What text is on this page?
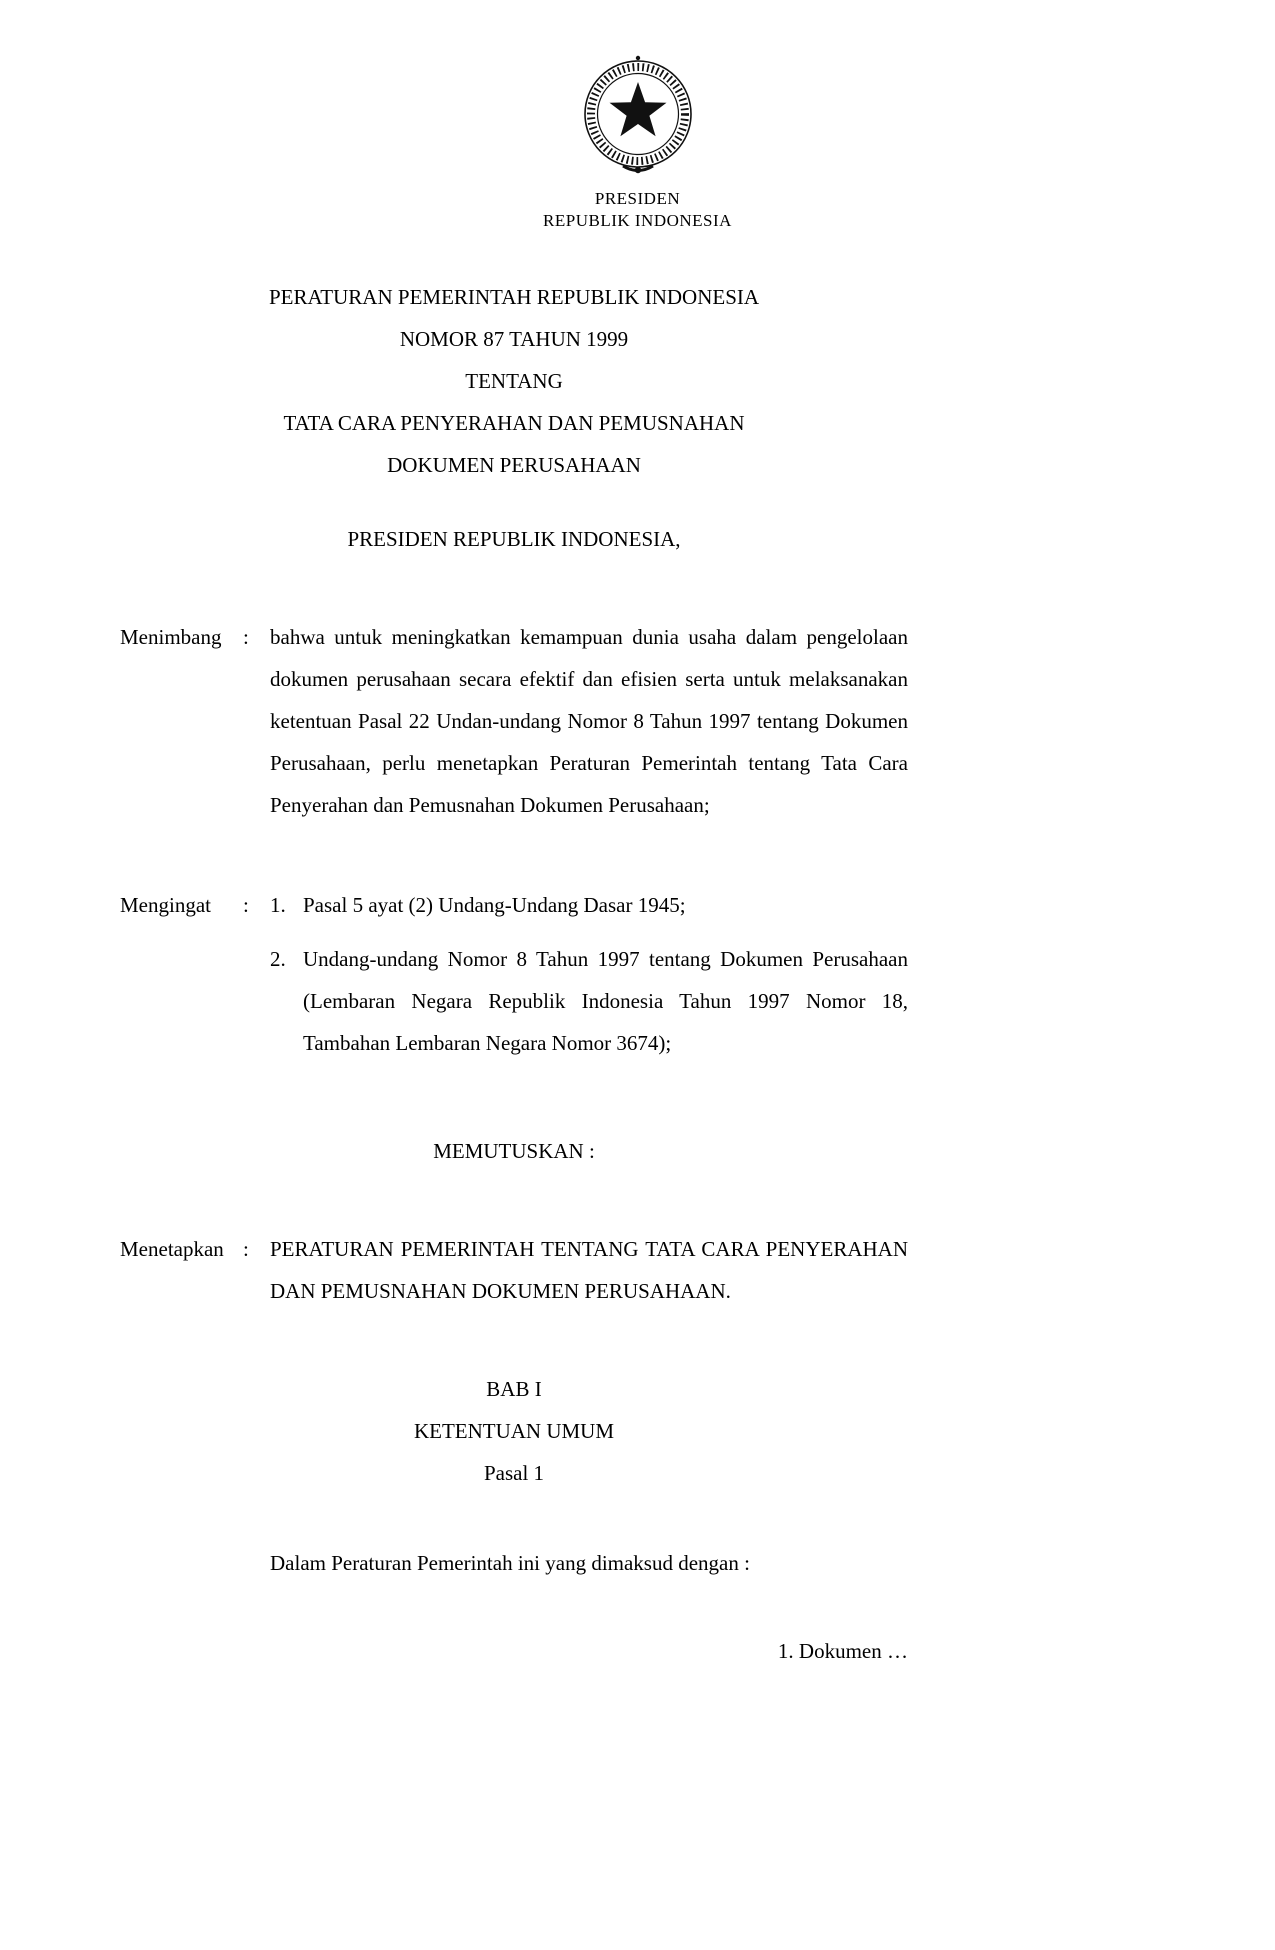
PRESIDEN
REPUBLIK INDONESIA
PERATURAN PEMERINTAH REPUBLIK INDONESIA
NOMOR 87 TAHUN 1999
TENTANG
TATA CARA PENYERAHAN DAN PEMUSNAHAN
DOKUMEN PERUSAHAAN
PRESIDEN REPUBLIK INDONESIA,
Menimbang	:	bahwa untuk meningkatkan kemampuan dunia usaha dalam pengelolaan dokumen perusahaan secara efektif dan efisien serta untuk melaksanakan ketentuan Pasal 22 Undan-undang Nomor 8 Tahun 1997 tentang Dokumen Perusahaan, perlu menetapkan Peraturan Pemerintah tentang Tata Cara Penyerahan dan Pemusnahan Dokumen Perusahaan;
Mengingat	:	1. Pasal 5 ayat (2) Undang-Undang Dasar 1945;
2. Undang-undang Nomor 8 Tahun 1997 tentang Dokumen Perusahaan (Lembaran Negara Republik Indonesia Tahun 1997 Nomor 18, Tambahan Lembaran Negara Nomor 3674);
MEMUTUSKAN :
Menetapkan :	PERATURAN PEMERINTAH TENTANG TATA CARA PENYERAHAN DAN PEMUSNAHAN DOKUMEN PERUSAHAAN.
BAB I
KETENTUAN UMUM
Pasal 1
Dalam Peraturan Pemerintah ini yang dimaksud dengan :
1. Dokumen …
